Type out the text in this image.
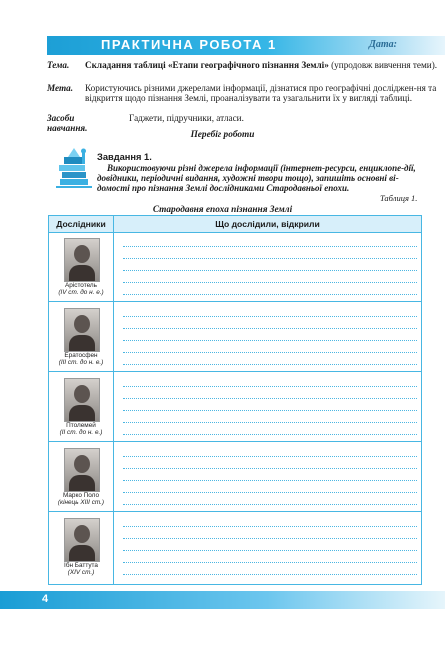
ПРАКТИЧНА РОБОТА 1	Дата:
Тема. Складання таблиці «Етапи географічного пізнання Землі» (упродовж вивчення теми).
Мета. Користуючись різними джерелами інформації, дізнатися про географічні досліджен-ня та відкриття щодо пізнання Землі, проаналізувати та узагальнити їх у вигляді таблиці.
Засоби навчання.
Гаджети, підручники, атласи.
Перебіг роботи
Завдання 1.
Використовуючи різні джерела інформації (інтернет-ресурси, енциклопе-дії, довідники, періодичні видання, художні твори тощо), запишіть основні ві-домості про пізнання Землі дослідниками Стародавньої епохи.
Таблиця 1.
Стародавня епоха пізнання Землі
Дослідники	Що дослідили, відкрили
Арістотель
(IV ст. до н. е.)
Ератосфен
(III ст. до н. е.)
Птолемей
(II ст. до н. е.)
Марко Поло
(кінець XIII ст.)
Ібн Баттута
(XIV ст.)
4
